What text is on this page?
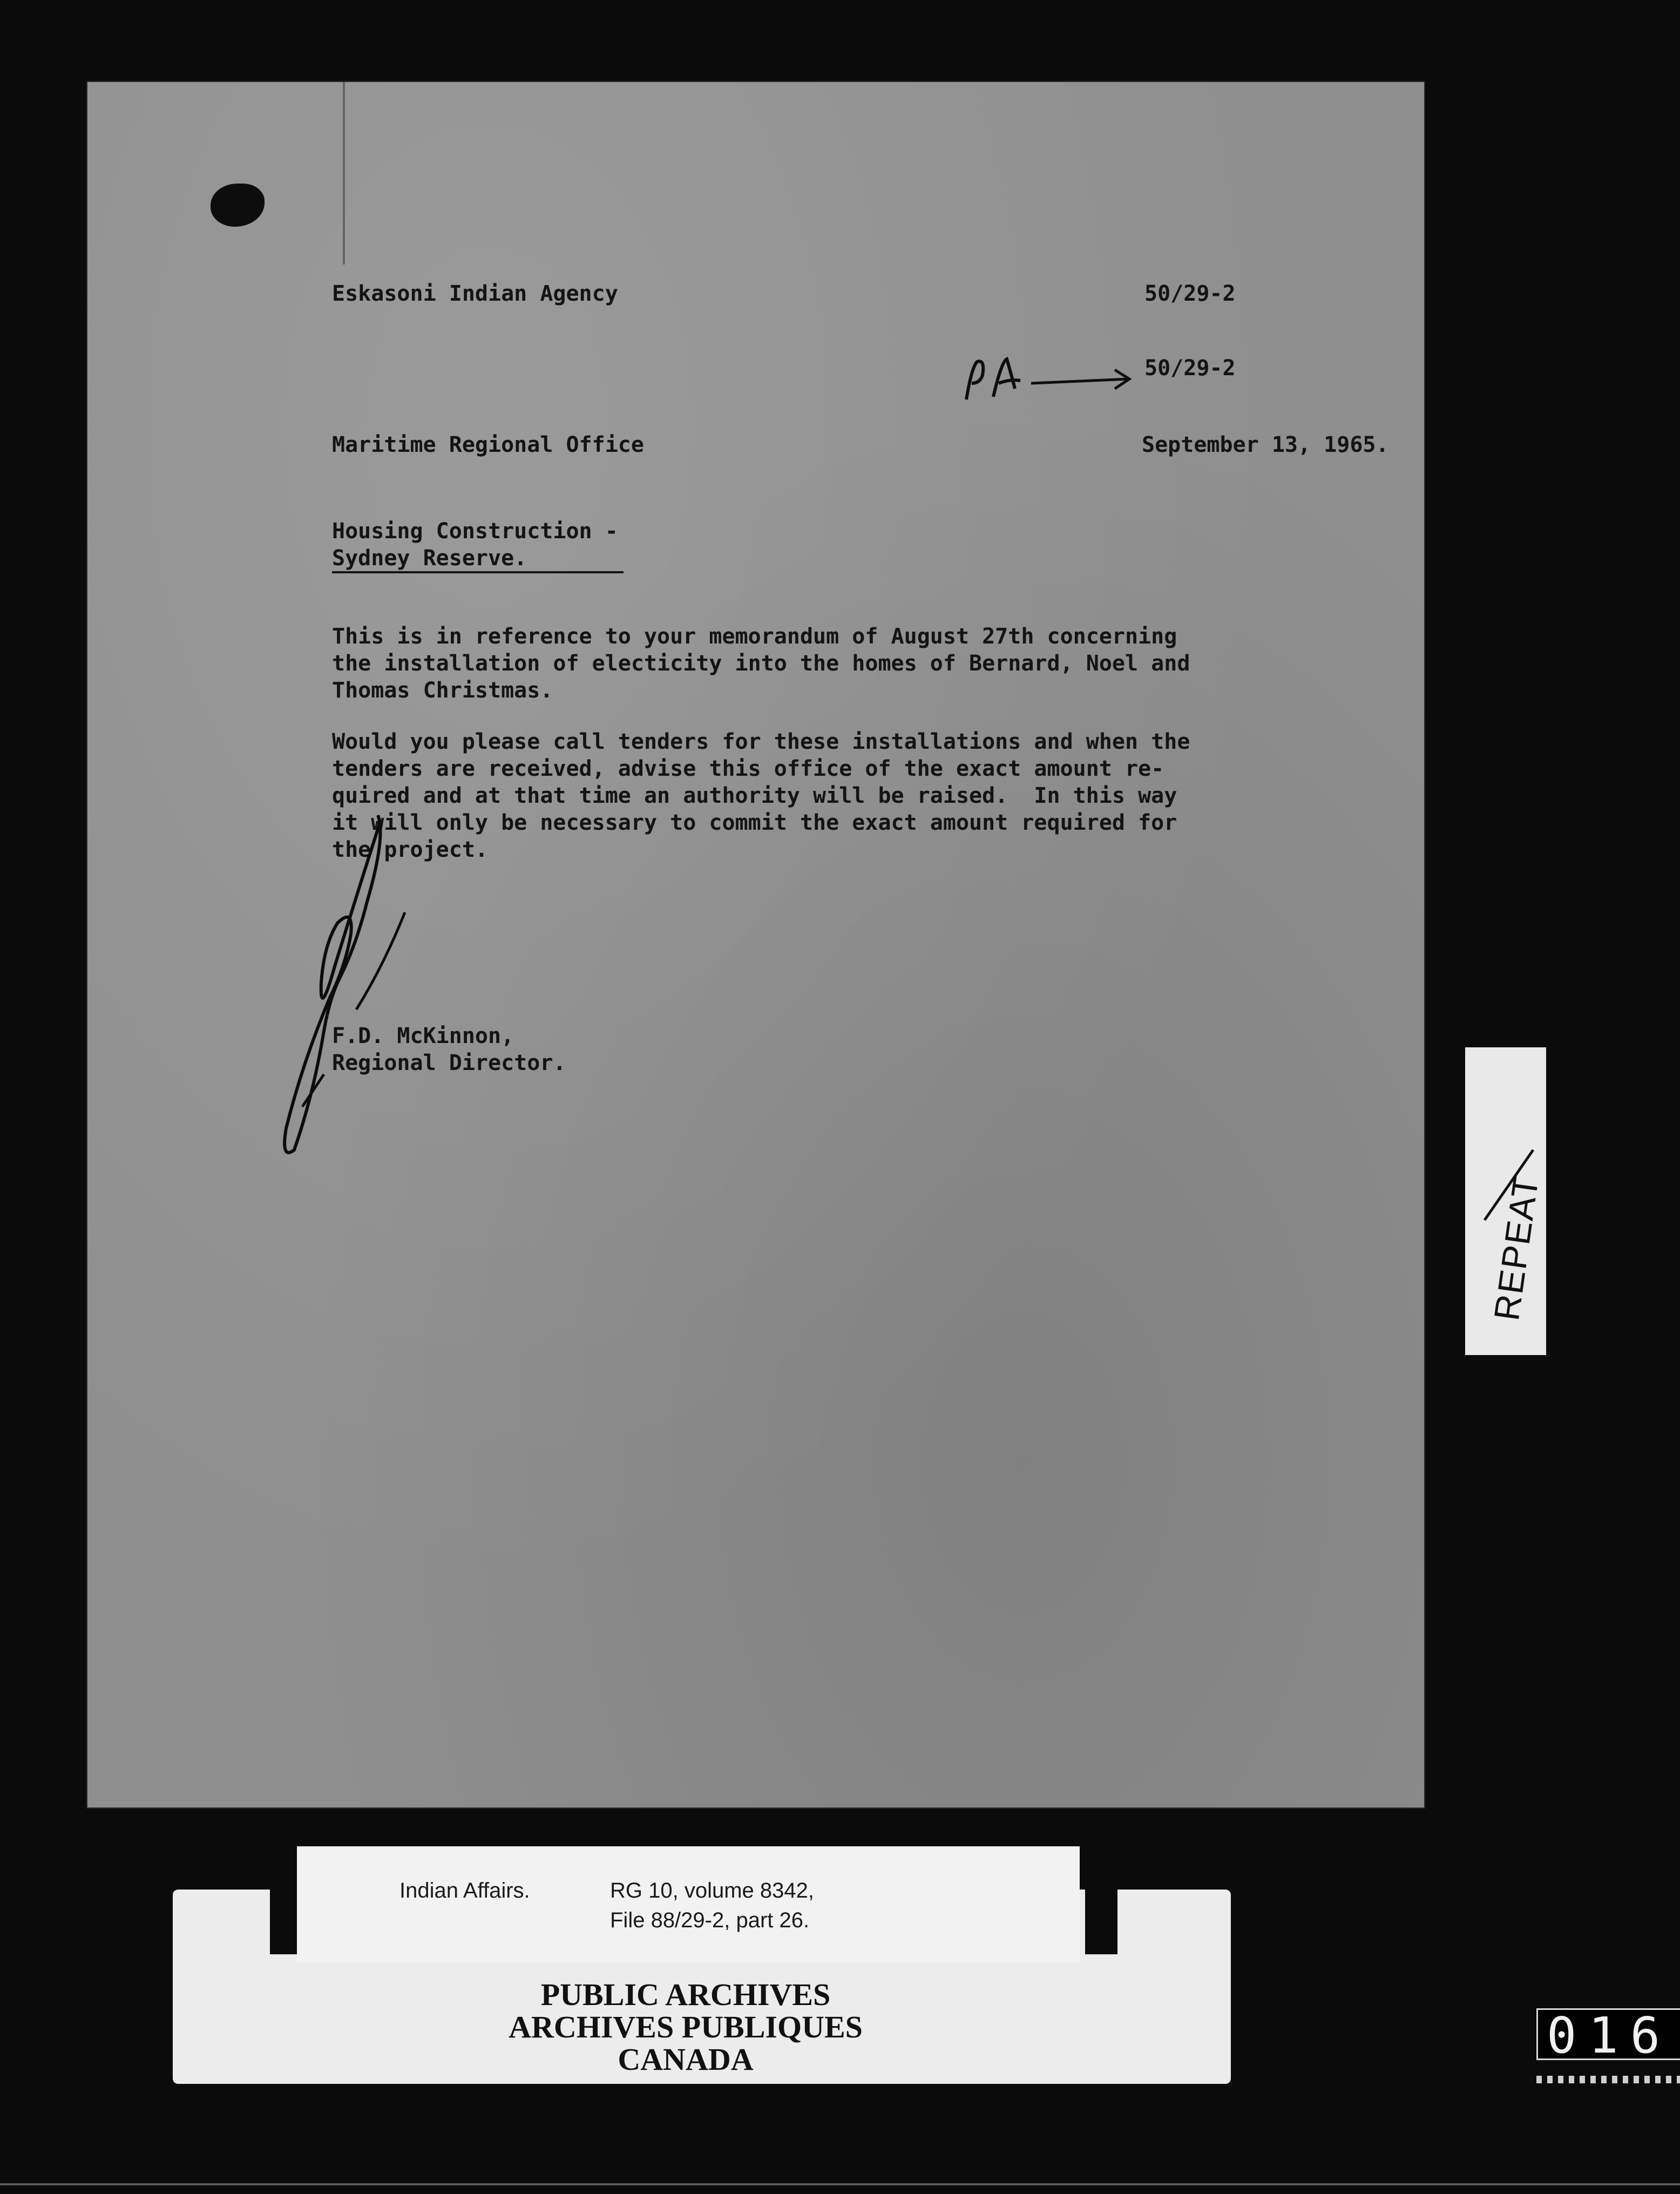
Eskasoni Indian Agency	50/29-2
50/29-2
Maritime Regional Office	September 13, 1965.
Housing Construction -
Sydney Reserve.
This is in reference to your memorandum of August 27th concerning
the installation of electicity into the homes of Bernard, Noel and
Thomas Christmas.
Would you please call tenders for these installations and when the
tenders are received, advise this office of the exact amount re-
quired and at that time an authority will be raised.  In this way
it will only be necessary to commit the exact amount required for
the project.
F.D. McKinnon,
Regional Director.
REPEAT
Indian Affairs.	RG 10, volume 8342,
File 88/29-2, part 26.
PUBLIC ARCHIVES
ARCHIVES PUBLIQUES
CANADA	016
